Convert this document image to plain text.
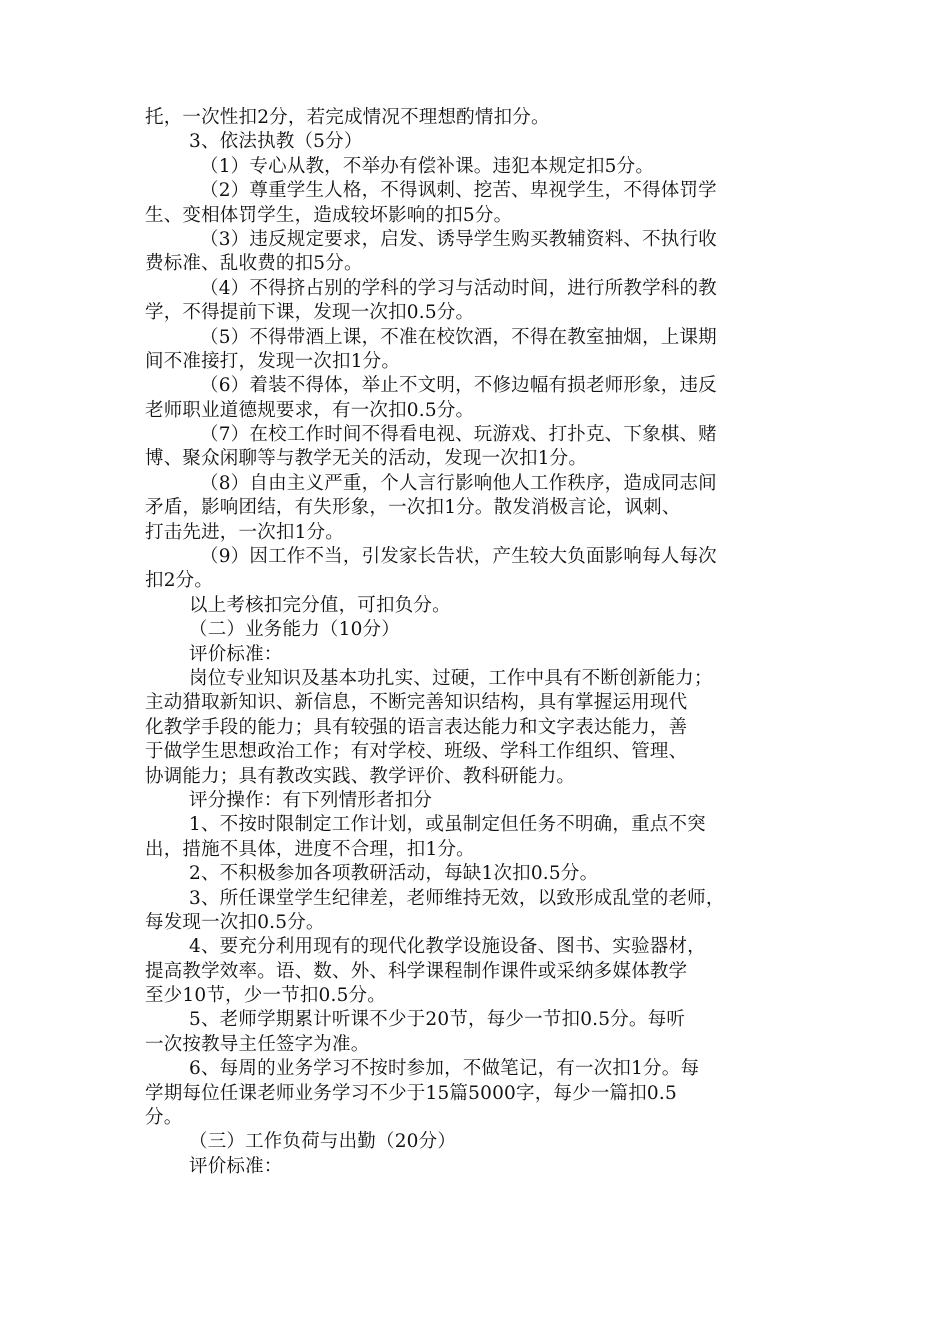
托，一次性扣2分，若完成情况不理想酌情扣分。
3、依法执教（5分）
（1）专心从教，不举办有偿补课。违犯本规定扣5分。
（2）尊重学生人格，不得讽刺、挖苦、卑视学生，不得体罚学
生、变相体罚学生，造成较坏影响的扣5分。
（3）违反规定要求，启发、诱导学生购买教辅资料、不执行收
费标准、乱收费的扣5分。
（4）不得挤占别的学科的学习与活动时间，进行所教学科的教
学，不得提前下课，发现一次扣0.5分。
（5）不得带酒上课，不准在校饮酒，不得在教室抽烟，上课期
间不准接打，发现一次扣1分。
（6）着装不得体，举止不文明，不修边幅有损老师形象，违反
老师职业道德规要求，有一次扣0.5分。
（7）在校工作时间不得看电视、玩游戏、打扑克、下象棋、赌
博、聚众闲聊等与教学无关的活动，发现一次扣1分。
（8）自由主义严重，个人言行影响他人工作秩序，造成同志间
矛盾，影响团结，有失形象，一次扣1分。散发消极言论，讽刺、
打击先进，一次扣1分。
（9）因工作不当，引发家长告状，产生较大负面影响每人每次
扣2分。
以上考核扣完分值，可扣负分。
（二）业务能力（10分）
评价标准：
岗位专业知识及基本功扎实、过硬，工作中具有不断创新能力；
主动猎取新知识、新信息，不断完善知识结构，具有掌握运用现代
化教学手段的能力；具有较强的语言表达能力和文字表达能力，善
于做学生思想政治工作；有对学校、班级、学科工作组织、管理、
协调能力；具有教改实践、教学评价、教科研能力。
评分操作：有下列情形者扣分
1、不按时限制定工作计划，或虽制定但任务不明确，重点不突
出，措施不具体，进度不合理，扣1分。
2、不积极参加各项教研活动，每缺1次扣0.5分。
3、所任课堂学生纪律差，老师维持无效，以致形成乱堂的老师，
每发现一次扣0.5分。
4、要充分利用现有的现代化教学设施设备、图书、实验器材，
提高教学效率。语、数、外、科学课程制作课件或采纳多媒体教学
至少10节，少一节扣0.5分。
5、老师学期累计听课不少于20节，每少一节扣0.5分。每听
一次按教导主任签字为准。
6、每周的业务学习不按时参加，不做笔记，有一次扣1分。每
学期每位任课老师业务学习不少于15篇5000字，每少一篇扣0.5
分。
（三）工作负荷与出勤（20分）
评价标准：
